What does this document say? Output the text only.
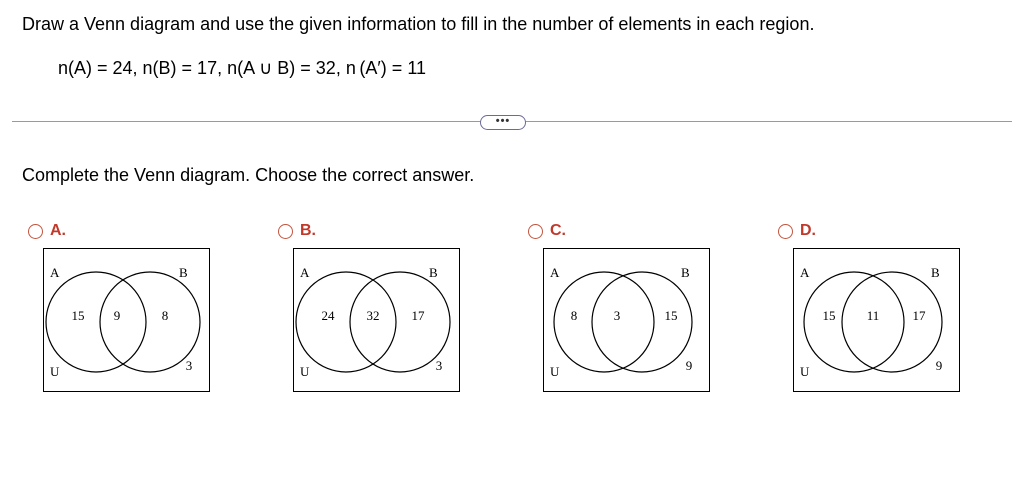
Draw a Venn diagram and use the given information to fill in the number of elements in each region.
n(A) = 24, n(B) = 17, n(A ∪ B) = 32, n (A′) = 11
•••
Complete the Venn diagram. Choose the correct answer.
A.
A	B
U
15 9	8
3
B.
A	B
U
24 32 17
3
C.
A	B
U
8	3	15
9
D.
A	B
U
15 11	17
9
